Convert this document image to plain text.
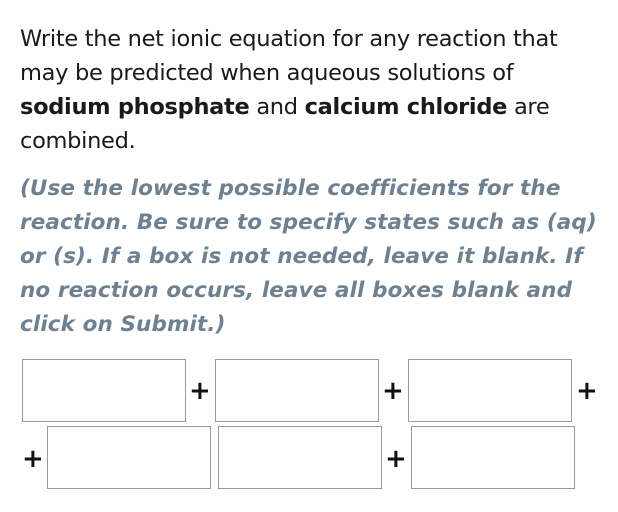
Write the net ionic equation for any reaction that may be predicted when aqueous solutions of sodium phosphate and calcium chloride are combined.
(Use the lowest possible coefficients for the reaction. Be sure to specify states such as (aq) or (s). If a box is not needed, leave it blank. If no reaction occurs, leave all boxes blank and click on Submit.)
+	+	+
+	+
